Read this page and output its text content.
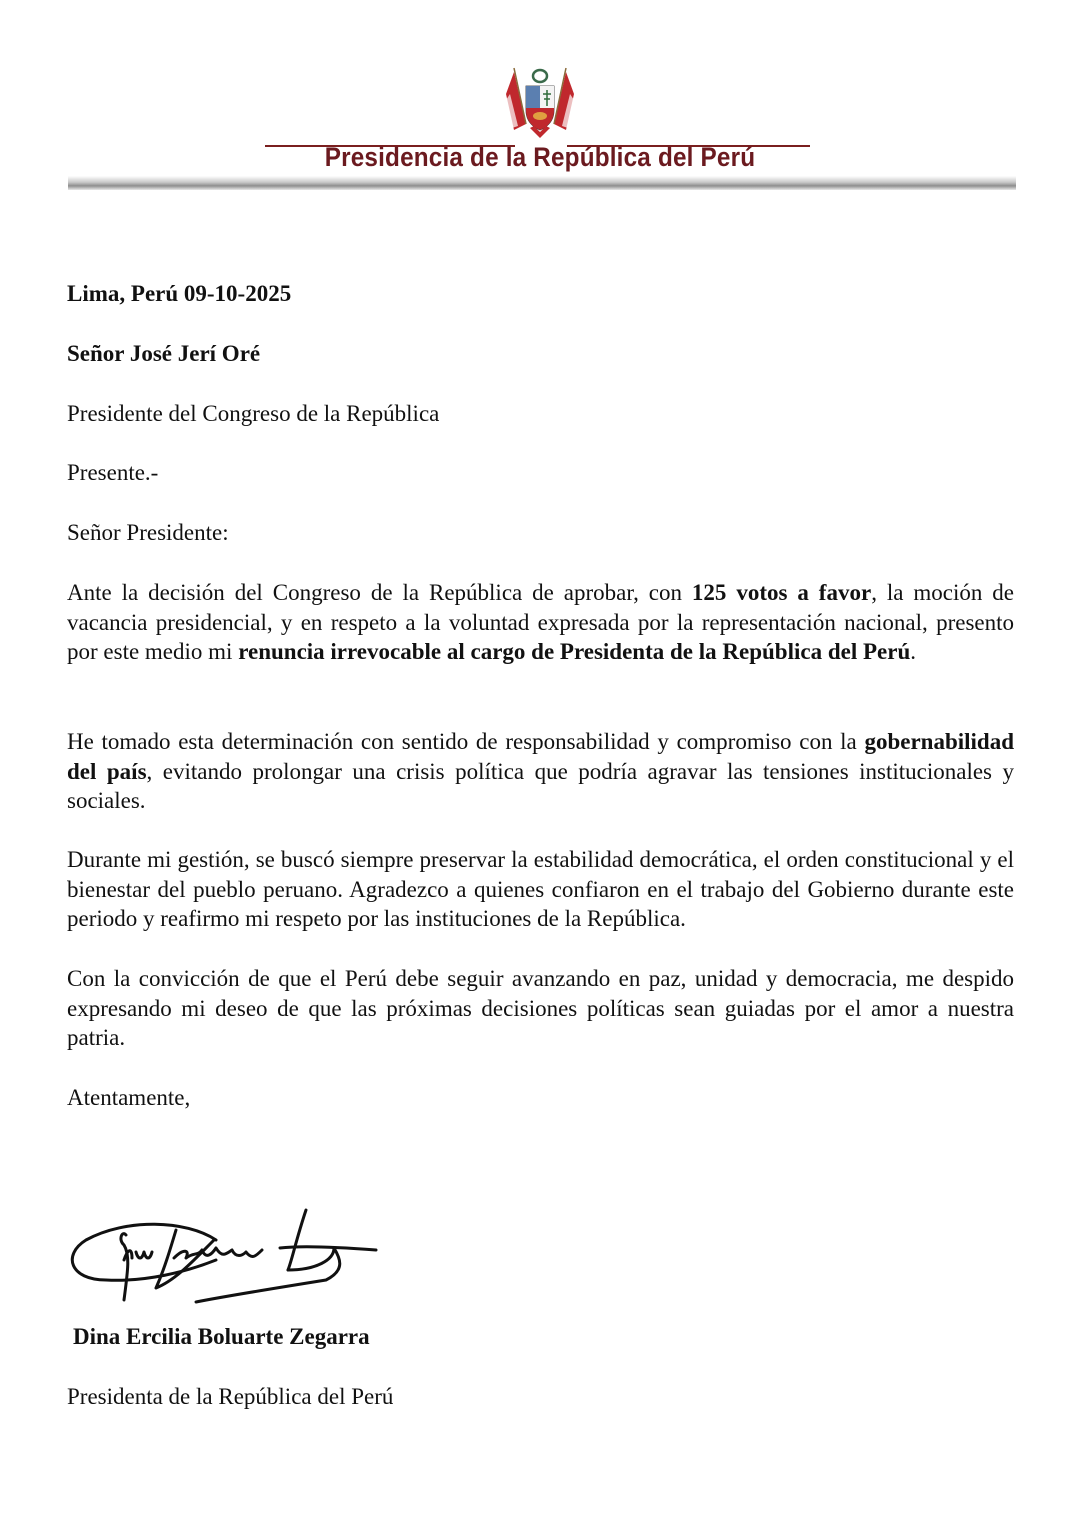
Presidencia de la República del Perú
Lima, Perú 09-10-2025
Señor José Jerí Oré
Presidente del Congreso de la República
Presente.-
Señor Presidente:
Ante la decisión del Congreso de la República de aprobar, con 125 votos a favor, la moción de vacancia presidencial, y en respeto a la voluntad expresada por la representación nacional, presento por este medio mi renuncia irrevocable al cargo de Presidenta de la República del Perú.
He tomado esta determinación con sentido de responsabilidad y compromiso con la gobernabilidad del país, evitando prolongar una crisis política que podría agravar las tensiones institucionales y sociales.
Durante mi gestión, se buscó siempre preservar la estabilidad democrática, el orden constitucional y el bienestar del pueblo peruano. Agradezco a quienes confiaron en el trabajo del Gobierno durante este periodo y reafirmo mi respeto por las instituciones de la República.
Con la convicción de que el Perú debe seguir avanzando en paz, unidad y democracia, me despido expresando mi deseo de que las próximas decisiones políticas sean guiadas por el amor a nuestra patria.
Atentamente,
Dina Ercilia Boluarte Zegarra
Presidenta de la República del Perú
